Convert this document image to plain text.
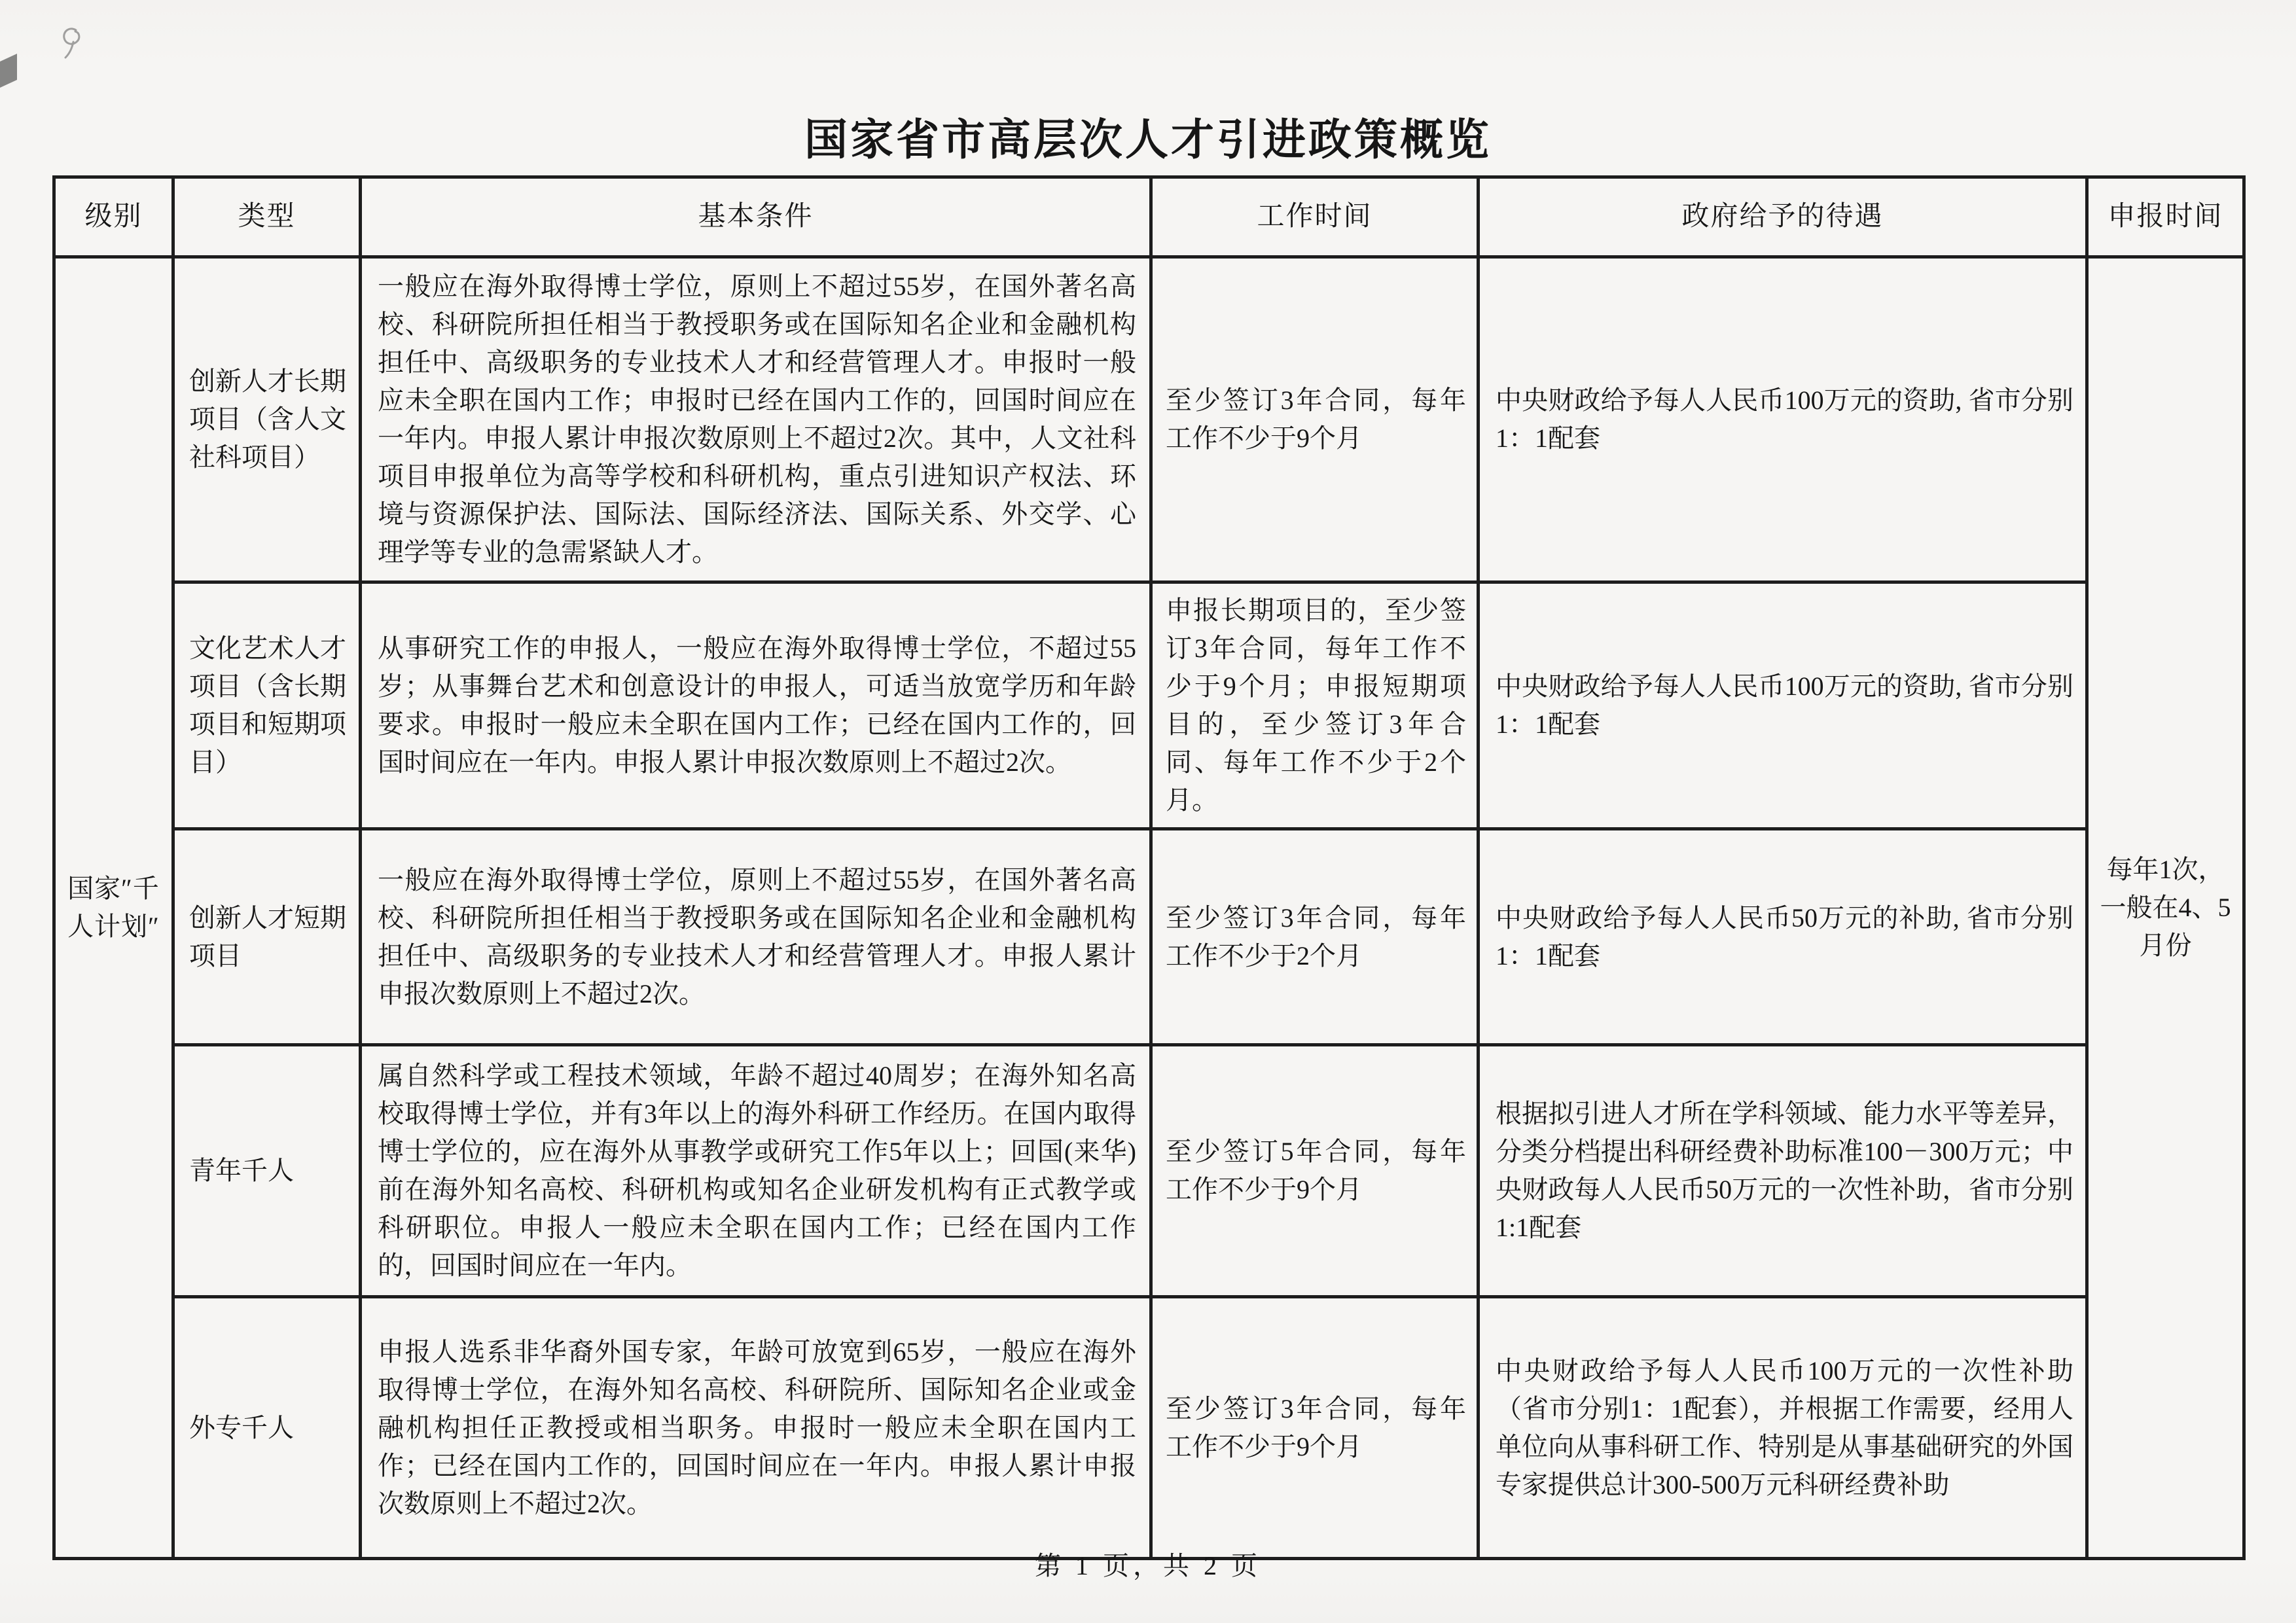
国家省市高层次人才引进政策概览
级别	类型	基本条件	工作时间	政府给予的待遇	申报时间
国家″千人计划″	创新人才长期项目（含人文社科项目）	一般应在海外取得博士学位，原则上不超过55岁，在国外著名高校、科研院所担任相当于教授职务或在国际知名企业和金融机构担任中、高级职务的专业技术人才和经营管理人才。申报时一般应未全职在国内工作；申报时已经在国内工作的，回国时间应在一年内。申报人累计申报次数原则上不超过2次。其中，人文社科项目申报单位为高等学校和科研机构，重点引进知识产权法、环境与资源保护法、国际法、国际经济法、国际关系、外交学、心理学等专业的急需紧缺人才。	至少签订3年合同，每年工作不少于9个月	中央财政给予每人人民币100万元的资助, 省市分别1：1配套	每年1次，一般在4、5月份
	文化艺术人才项目（含长期项目和短期项目）	从事研究工作的申报人，一般应在海外取得博士学位，不超过55岁；从事舞台艺术和创意设计的申报人，可适当放宽学历和年龄要求。申报时一般应未全职在国内工作；已经在国内工作的，回国时间应在一年内。申报人累计申报次数原则上不超过2次。	申报长期项目的，至少签订3年合同，每年工作不少于9个月；申报短期项目的，至少签订3年合同、每年工作不少于2个月。	中央财政给予每人人民币100万元的资助, 省市分别1：1配套	
	创新人才短期项目	一般应在海外取得博士学位，原则上不超过55岁，在国外著名高校、科研院所担任相当于教授职务或在国际知名企业和金融机构担任中、高级职务的专业技术人才和经营管理人才。申报人累计申报次数原则上不超过2次。	至少签订3年合同，每年工作不少于2个月	中央财政给予每人人民币50万元的补助, 省市分别1：1配套	
	青年千人	属自然科学或工程技术领域，年龄不超过40周岁；在海外知名高校取得博士学位，并有3年以上的海外科研工作经历。在国内取得博士学位的，应在海外从事教学或研究工作5年以上；回国(来华)前在海外知名高校、科研机构或知名企业研发机构有正式教学或科研职位。申报人一般应未全职在国内工作；已经在国内工作的，回国时间应在一年内。	至少签订5年合同，每年工作不少于9个月	根据拟引进人才所在学科领域、能力水平等差异，分类分档提出科研经费补助标准100－300万元；中央财政每人人民币50万元的一次性补助，省市分别1:1配套	
	外专千人	申报人选系非华裔外国专家，年龄可放宽到65岁，一般应在海外取得博士学位，在海外知名高校、科研院所、国际知名企业或金融机构担任正教授或相当职务。申报时一般应未全职在国内工作；已经在国内工作的，回国时间应在一年内。申报人累计申报次数原则上不超过2次。	至少签订3年合同，每年工作不少于9个月	中央财政给予每人人民币100万元的一次性补助（省市分别1：1配套），并根据工作需要，经用人单位向从事科研工作、特别是从事基础研究的外国专家提供总计300-500万元科研经费补助	
第 1 页，共 2 页
